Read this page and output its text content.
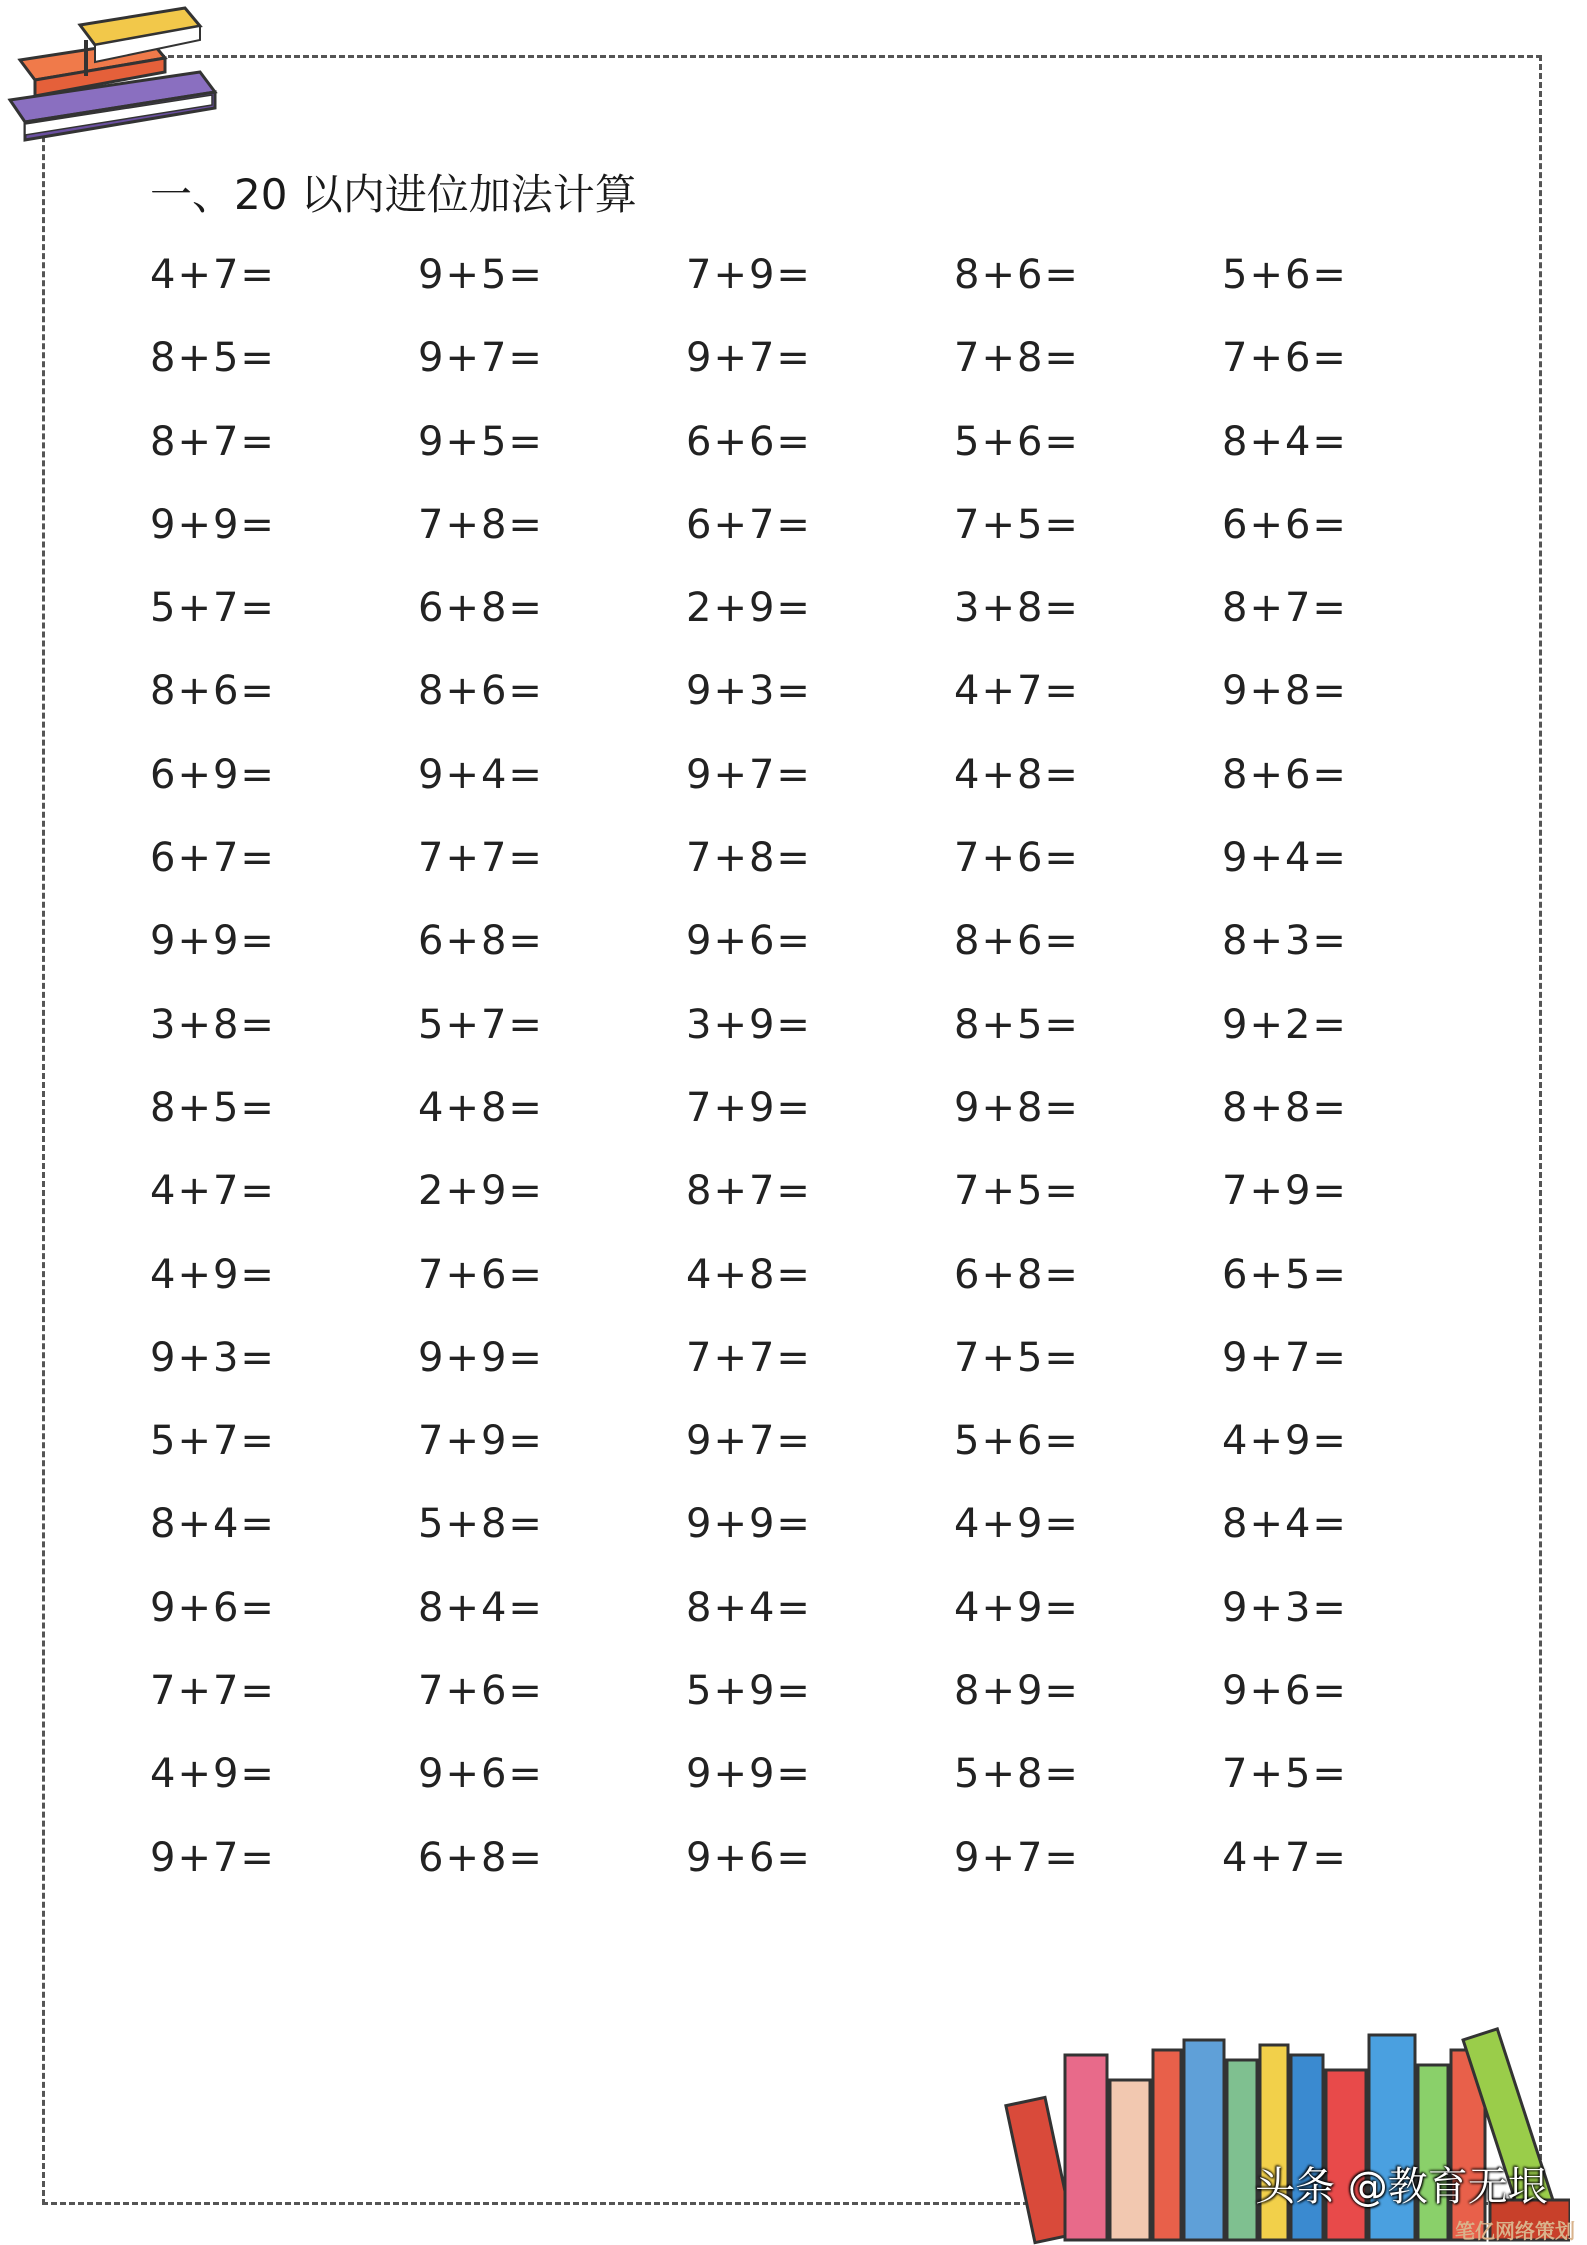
一、20 以内进位加法计算
4+7=	9+5=	7+9=	8+6=	5+6=
8+5=	9+7=	9+7=	7+8=	7+6=
8+7=	9+5=	6+6=	5+6=	8+4=
9+9=	7+8=	6+7=	7+5=	6+6=
5+7=	6+8=	2+9=	3+8=	8+7=
8+6=	8+6=	9+3=	4+7=	9+8=
6+9=	9+4=	9+7=	4+8=	8+6=
6+7=	7+7=	7+8=	7+6=	9+4=
9+9=	6+8=	9+6=	8+6=	8+3=
3+8=	5+7=	3+9=	8+5=	9+2=
8+5=	4+8=	7+9=	9+8=	8+8=
4+7=	2+9=	8+7=	7+5=	7+9=
4+9=	7+6=	4+8=	6+8=	6+5=
9+3=	9+9=	7+7=	7+5=	9+7=
5+7=	7+9=	9+7=	5+6=	4+9=
8+4=	5+8=	9+9=	4+9=	8+4=
9+6=	8+4=	8+4=	4+9=	9+3=
7+7=	7+6=	5+9=	8+9=	9+6=
4+9=	9+6=	9+9=	5+8=	7+5=
9+7=	6+8=	9+6=	9+7=	4+7=
头条 @教育无垠
笔亿网络策划
